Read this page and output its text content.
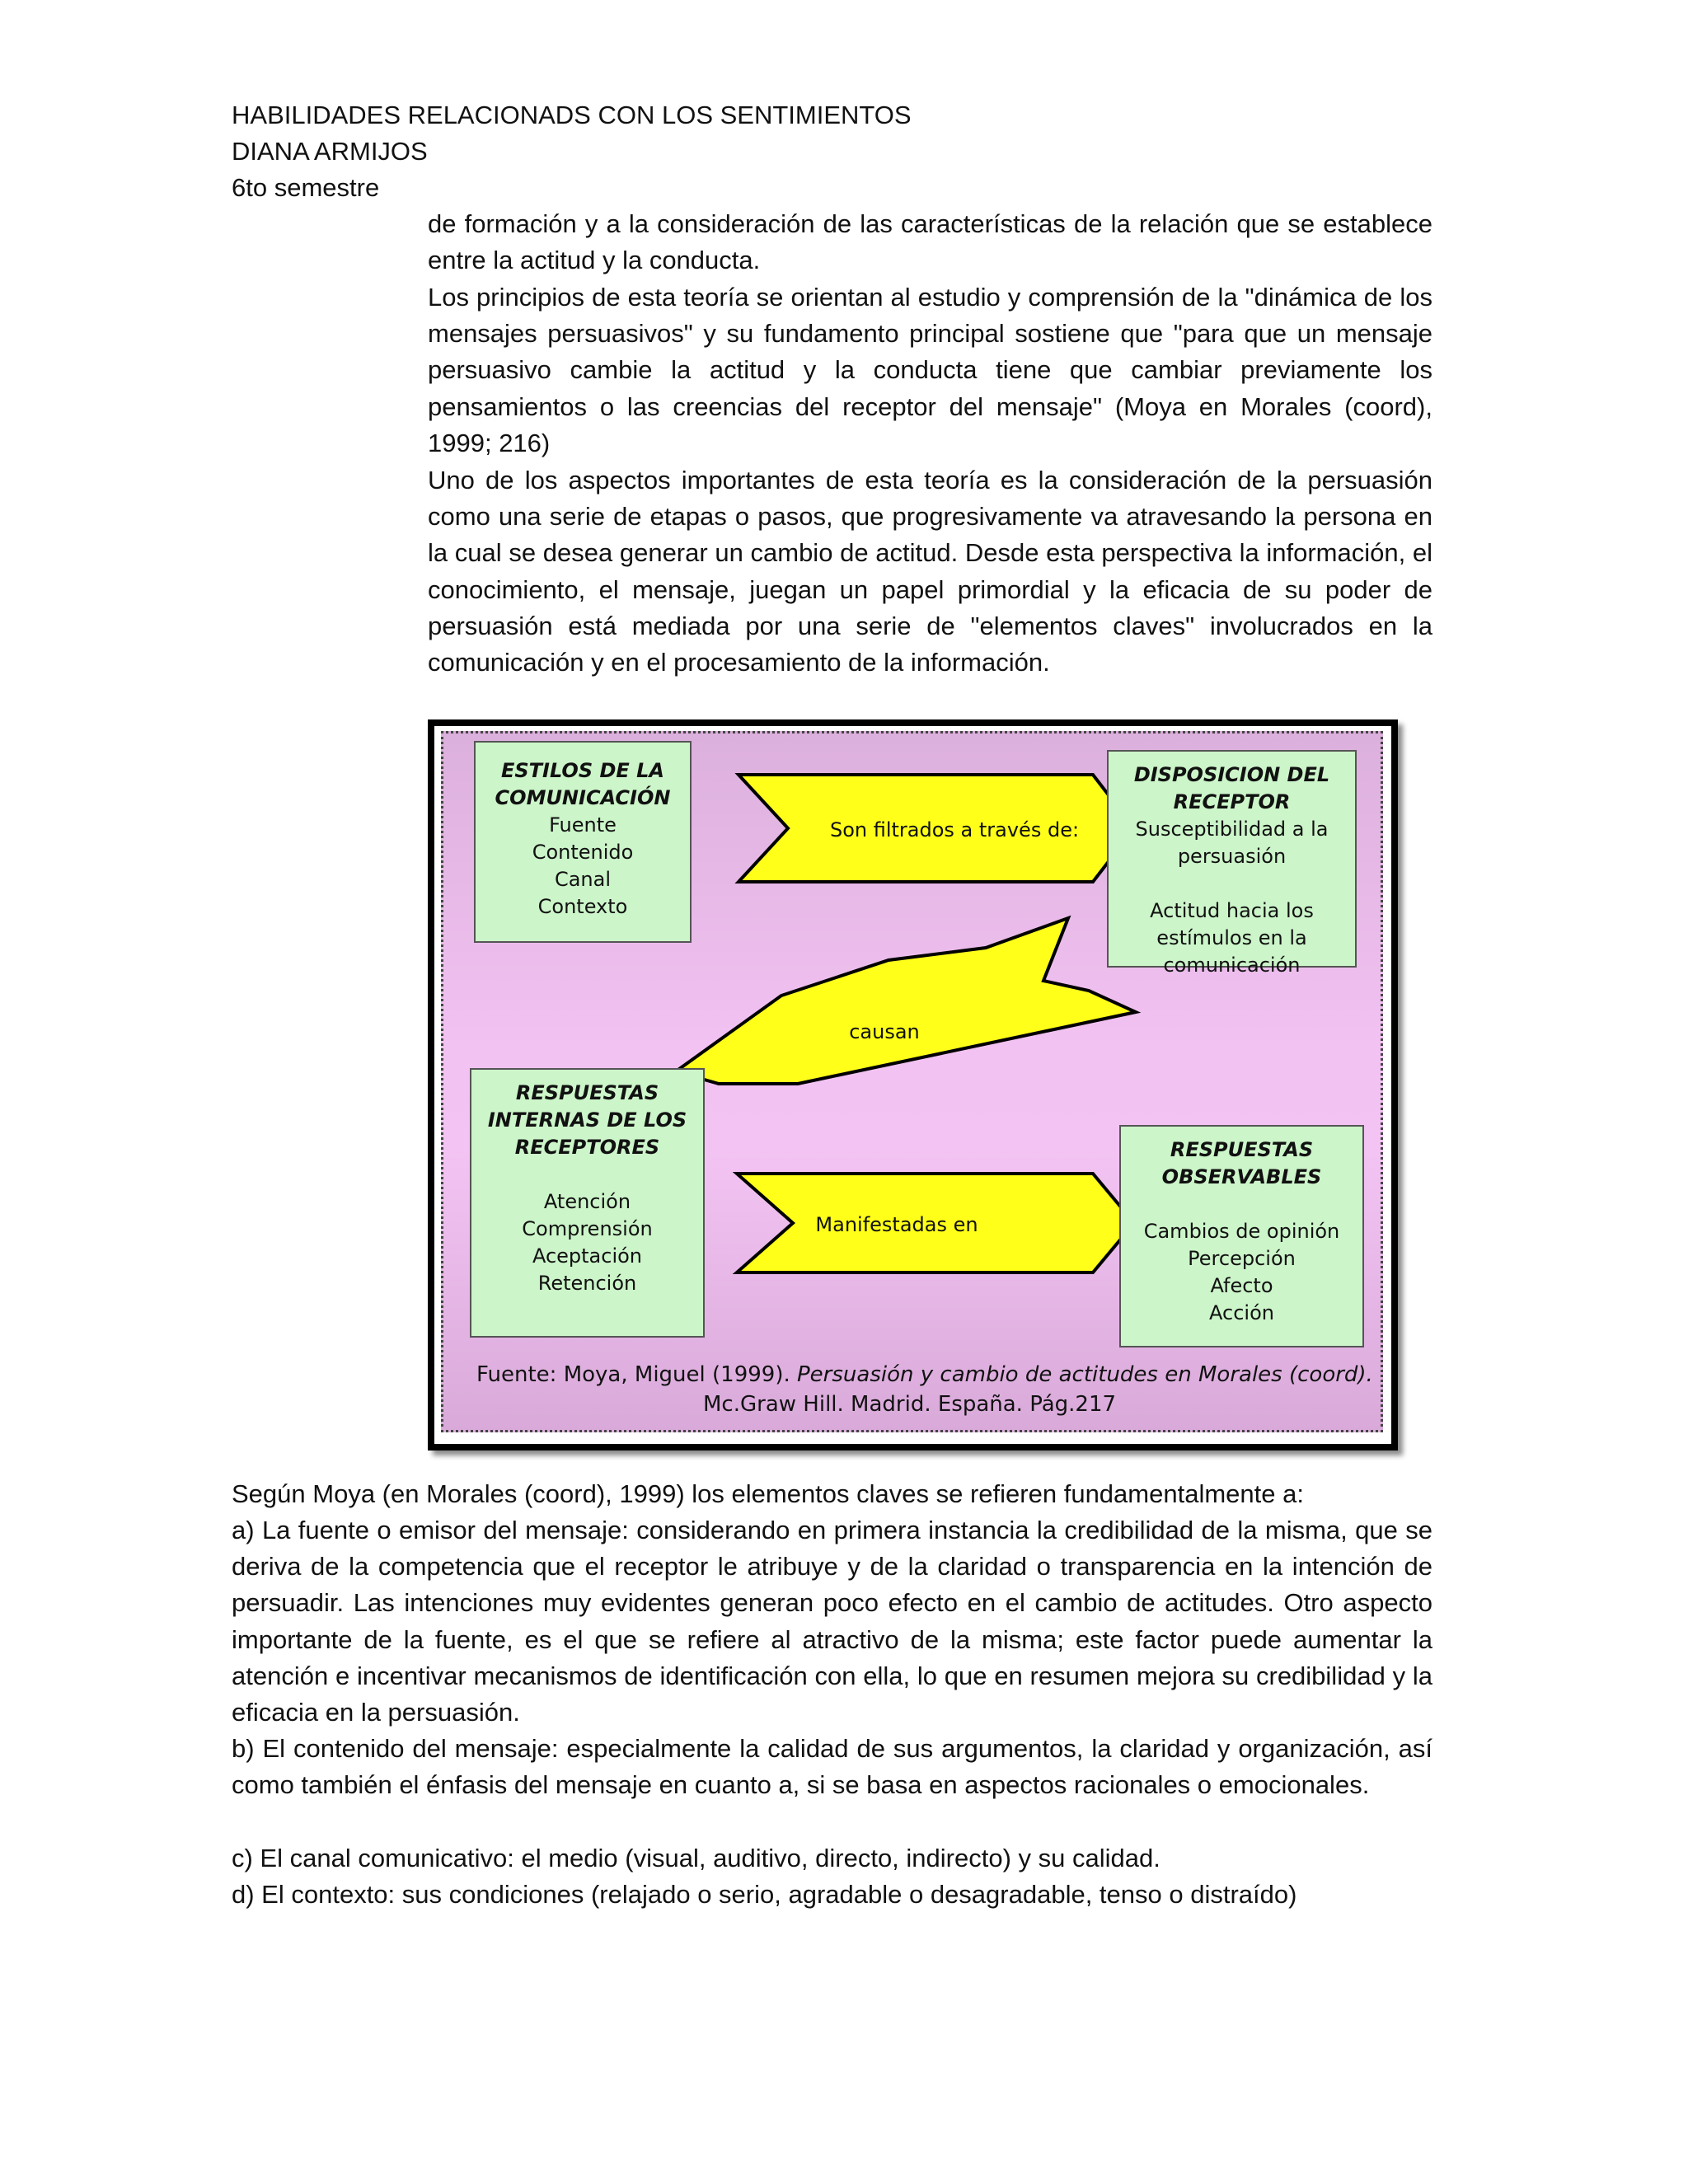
HABILIDADES RELACIONADS CON LOS SENTIMIENTOS
DIANA ARMIJOS
6to semestre

de formación y a la consideración de las características de la relación que se establece entre la actitud y la conducta.

Los principios de esta teoría se orientan al estudio y comprensión de la "dinámica de los mensajes persuasivos" y su fundamento principal sostiene que "para que un mensaje persuasivo cambie la actitud y la conducta tiene que cambiar previamente los pensamientos o las creencias del receptor del mensaje" (Moya en Morales (coord), 1999; 216)

Uno de los aspectos importantes de esta teoría es la consideración de la persuasión como una serie de etapas o pasos, que progresivamente va atravesando la persona en la cual se desea generar un cambio de actitud. Desde esta perspectiva la información, el conocimiento, el mensaje, juegan un papel primordial y la eficacia de su poder de persuasión está mediada por una serie de "elementos claves" involucrados en la comunicación y en el procesamiento de la información.

Son filtrados a través de:
causan
Manifestadas en
ESTILOS DE LA
COMUNICACIÓN
Fuente
Contenido
Canal
Contexto
DISPOSICION DEL
RECEPTOR
Susceptibilidad a la
persuasión
Actitud hacia los
estímulos en la
comunicación
RESPUESTAS
INTERNAS DE LOS
RECEPTORES
Atención
Comprensión
Aceptación
Retención
RESPUESTAS
OBSERVABLES
Cambios de opinión
Percepción
Afecto
Acción
Fuente: Moya, Miguel (1999). Persuasión y cambio de actitudes en Morales (coord).
Mc.Graw Hill. Madrid. España. Pág.217

Según Moya (en Morales (coord), 1999) los elementos claves se refieren fundamentalmente a:

a) La fuente o emisor del mensaje: considerando en primera instancia la credibilidad de la misma, que se deriva de la competencia que el receptor le atribuye y de la claridad o transparencia en la intención de persuadir. Las intenciones muy evidentes generan poco efecto en el cambio de actitudes. Otro aspecto importante de la fuente, es el que se refiere al atractivo de la misma; este factor puede aumentar la atención e incentivar mecanismos de identificación con ella, lo que en resumen mejora su credibilidad y la eficacia en la persuasión.

b) El contenido del mensaje: especialmente la calidad de sus argumentos, la claridad y organización, así como también el énfasis del mensaje en cuanto a, si se basa en aspectos racionales o emocionales.

c) El canal comunicativo: el medio (visual, auditivo, directo, indirecto) y su calidad.

d) El contexto: sus condiciones (relajado o serio, agradable o desagradable, tenso o distraído)
